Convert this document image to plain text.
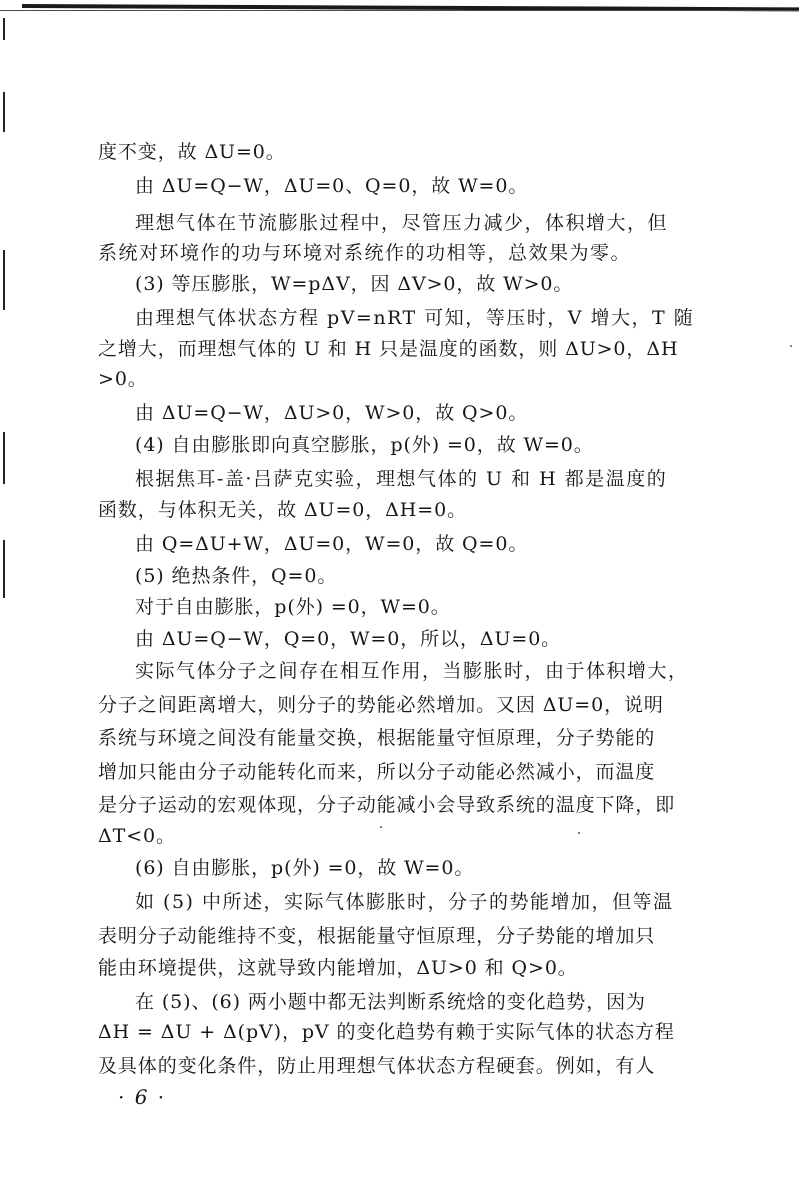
度不变，故 ΔU=0。
由 ΔU=Q−W，ΔU=0、Q=0，故 W=0。
理想气体在节流膨胀过程中，尽管压力减少，体积增大，但
系统对环境作的功与环境对系统作的功相等，总效果为零。
(3) 等压膨胀，W=pΔV，因 ΔV>0，故 W>0。
由理想气体状态方程 pV=nRT 可知，等压时，V 增大，T 随
之增大，而理想气体的 U 和 H 只是温度的函数，则 ΔU>0，ΔH
>0。
由 ΔU=Q−W，ΔU>0，W>0，故 Q>0。
(4) 自由膨胀即向真空膨胀，p(外) =0，故 W=0。
根据焦耳-盖·吕萨克实验，理想气体的 U 和 H 都是温度的
函数，与体积无关，故 ΔU=0，ΔH=0。
由 Q=ΔU+W，ΔU=0，W=0，故 Q=0。
(5) 绝热条件，Q=0。
对于自由膨胀，p(外) =0，W=0。
由 ΔU=Q−W，Q=0，W=0，所以，ΔU=0。
实际气体分子之间存在相互作用，当膨胀时，由于体积增大，
分子之间距离增大，则分子的势能必然增加。又因 ΔU=0，说明
系统与环境之间没有能量交换，根据能量守恒原理，分子势能的
增加只能由分子动能转化而来，所以分子动能必然减小，而温度
是分子运动的宏观体现，分子动能减小会导致系统的温度下降，即
ΔT<0。
(6) 自由膨胀，p(外) =0，故 W=0。
如 (5) 中所述，实际气体膨胀时，分子的势能增加，但等温
表明分子动能维持不变，根据能量守恒原理，分子势能的增加只
能由环境提供，这就导致内能增加，ΔU>0 和 Q>0。
在 (5)、(6) 两小题中都无法判断系统焓的变化趋势，因为
ΔH = ΔU + Δ(pV)，pV 的变化趋势有赖于实际气体的状态方程
及具体的变化条件，防止用理想气体状态方程硬套。例如，有人
· 6 ·
